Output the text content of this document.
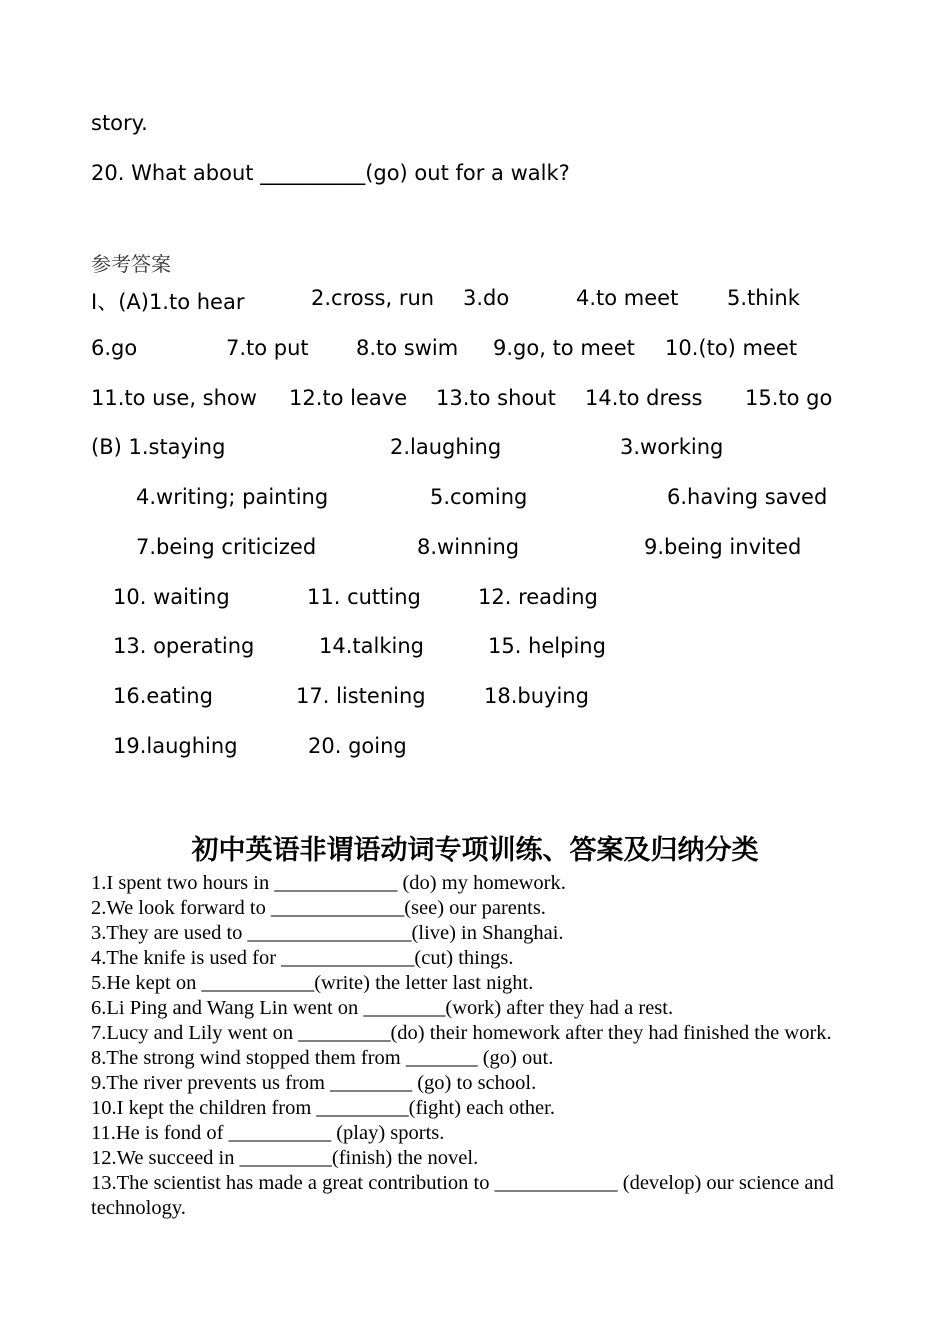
story.
20. What about __________(go) out for a walk?
参考答案
I、(A)1.to hear	2.cross, run 3.do	4.to meet 5.think
6.go	7.to put 8.to swim 9.go, to meet 10.(to) meet
11.to use, show 12.to leave 13.to shout 14.to dress 15.to go
(B) 1.staying	2.laughing	3.working
4.writing; painting	5.coming	6.having saved
7.being criticized	8.winning	9.being invited
10. waiting	11. cutting	12. reading
13. operating	14.talking	15. helping
16.eating	17. listening	18.buying
19.laughing	20. going
初中英语非谓语动词专项训练、答案及归纳分类
1.I spent two hours in ____________ (do) my homework.
2.We look forward to _____________(see) our parents.
3.They are used to ________________(live) in Shanghai.
4.The knife is used for _____________(cut) things.
5.He kept on ___________(write) the letter last night.
6.Li Ping and Wang Lin went on ________(work) after they had a rest.
7.Lucy and Lily went on _________(do) their homework after they had finished the work.
8.The strong wind stopped them from _______ (go) out.
9.The river prevents us from ________ (go) to school.
10.I kept the children from _________(fight) each other.
11.He is fond of __________ (play) sports.
12.We succeed in _________(finish) the novel.
13.The scientist has made a great contribution to ____________ (develop) our science and technology.
